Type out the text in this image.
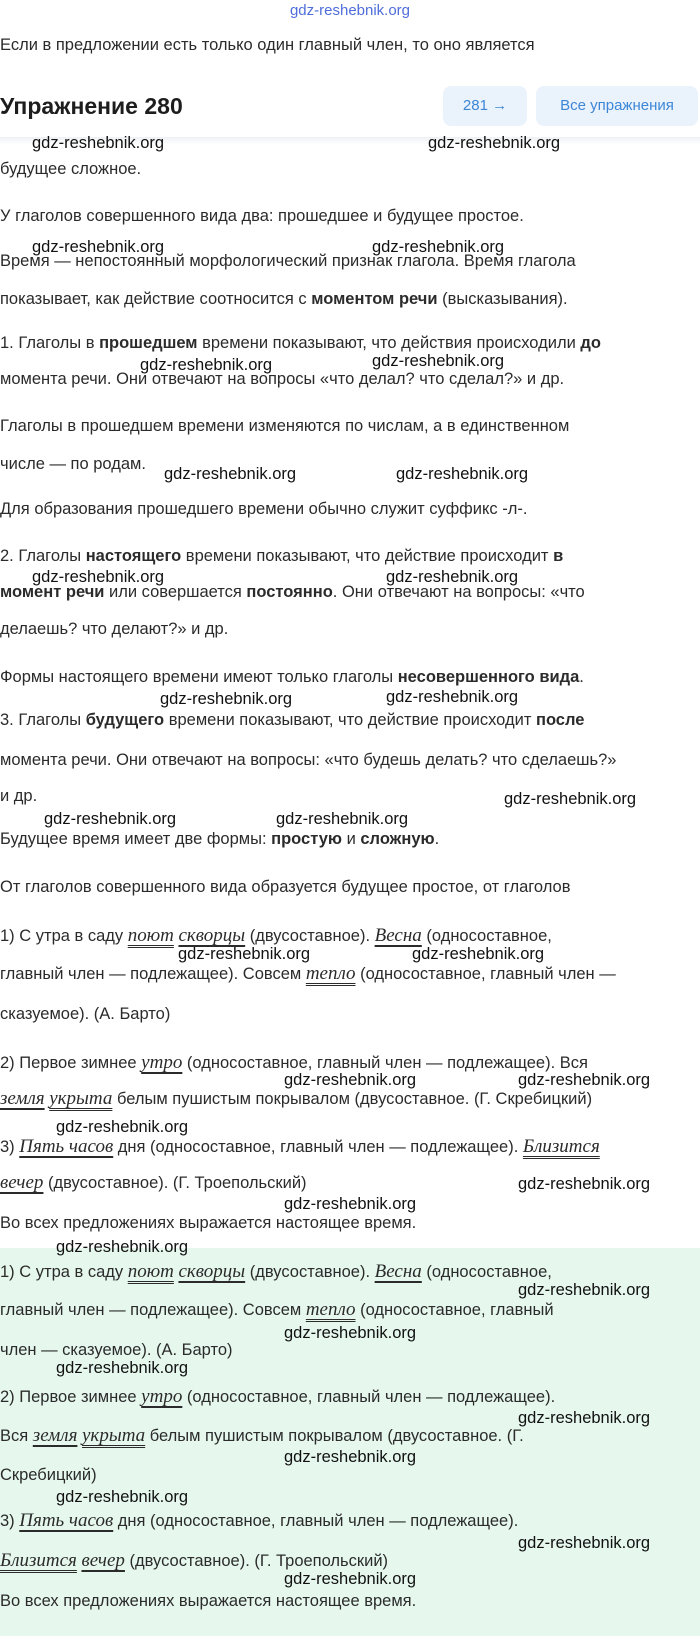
gdz-reshebnik.org
Если в предложении есть только один главный член, то оно является
Упражнение 280	281 →	Все упражнения
будущее сложное.
У глаголов совершенного вида два: прошедшее и будущее простое.
Время — непостоянный морфологический признак глагола. Время глагола
показывает, как действие соотносится с моментом речи (высказывания).
1. Глаголы в прошедшем времени показывают, что действия происходили до
момента речи. Они отвечают на вопросы «что делал? что сделал?» и др.
Глаголы в прошедшем времени изменяются по числам, а в единственном
числе — по родам.
Для образования прошедшего времени обычно служит суффикс -л-.
2. Глаголы настоящего времени показывают, что действие происходит в
момент речи или совершается постоянно. Они отвечают на вопросы: «что
делаешь? что делают?» и др.
Формы настоящего времени имеют только глаголы несовершенного вида.
3. Глаголы будущего времени показывают, что действие происходит после
момента речи. Они отвечают на вопросы: «что будешь делать? что сделаешь?»
и др.
Будущее время имеет две формы: простую и сложную.
От глаголов совершенного вида образуется будущее простое, от глаголов
1) С утра в саду поют скворцы (двусоставное). Весна (односоставное,
главный член — подлежащее). Совсем тепло (односоставное, главный член —
сказуемое). (А. Барто)
2) Первое зимнее утро (односоставное, главный член — подлежащее). Вся
земля укрыта белым пушистым покрывалом (двусоставное. (Г. Скребицкий)
3) Пять часов дня (односоставное, главный член — подлежащее). Близится
вечер (двусоставное). (Г. Троепольский)
Во всех предложениях выражается настоящее время.
1) С утра в саду поют скворцы (двусоставное). Весна (односоставное,
главный член — подлежащее). Совсем тепло (односоставное, главный
член — сказуемое). (А. Барто)
2) Первое зимнее утро (односоставное, главный член — подлежащее).
Вся земля укрыта белым пушистым покрывалом (двусоставное. (Г.
Скребицкий)
3) Пять часов дня (односоставное, главный член — подлежащее).
Близится вечер (двусоставное). (Г. Троепольский)
Во всех предложениях выражается настоящее время.
gdz-reshebnik.org	gdz-reshebnik.org
gdz-reshebnik.org	gdz-reshebnik.org
gdz-reshebnik.org	gdz-reshebnik.org
gdz-reshebnik.org	gdz-reshebnik.org
gdz-reshebnik.org	gdz-reshebnik.org
gdz-reshebnik.org	gdz-reshebnik.org
gdz-reshebnik.org
gdz-reshebnik.org	gdz-reshebnik.org
gdz-reshebnik.org	gdz-reshebnik.org
gdz-reshebnik.org	gdz-reshebnik.org
gdz-reshebnik.org
gdz-reshebnik.org
gdz-reshebnik.org
gdz-reshebnik.org
gdz-reshebnik.org
gdz-reshebnik.org
gdz-reshebnik.org
gdz-reshebnik.org
gdz-reshebnik.org
gdz-reshebnik.org
gdz-reshebnik.org
gdz-reshebnik.org
